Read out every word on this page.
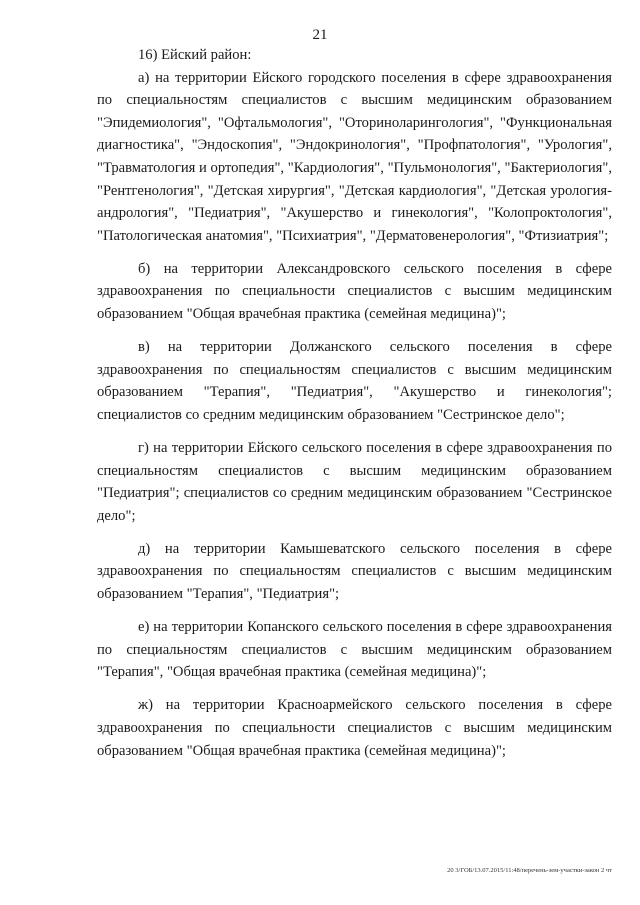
21

16) Ейский район:

а) на территории Ейского городского поселения в сфере здравоохранения по специальностям специалистов с высшим медицинским образованием "Эпидемиология", "Офтальмология", "Оториноларингология", "Функциональная диагностика", "Эндоскопия", "Эндокринология", "Профпатология", "Урология", "Травматология и ортопедия", "Кардиология", "Пульмонология", "Бактериология", "Рентгенология", "Детская хирургия", "Детская кардиология", "Детская урология-андрология", "Педиатрия", "Акушерство и гинекология", "Колопроктология", "Патологическая анатомия", "Психиатрия", "Дерматовенерология", "Фтизиатрия";

б) на территории Александровского сельского поселения в сфере здравоохранения по специальности специалистов с высшим медицинским образованием "Общая врачебная практика (семейная медицина)";

в) на территории Должанского сельского поселения в сфере здравоохранения по специальностям специалистов с высшим медицинским образованием "Терапия", "Педиатрия", "Акушерство и гинекология"; специалистов со средним медицинским образованием "Сестринское дело";

г) на территории Ейского сельского поселения в сфере здравоохранения по специальностям специалистов с высшим медицинским образованием "Педиатрия"; специалистов со средним медицинским образованием "Сестринское дело";

д) на территории Камышеватского сельского поселения в сфере здравоохранения по специальностям специалистов с высшим медицинским образованием "Терапия", "Педиатрия";

е) на территории Копанского сельского поселения в сфере здравоохранения по специальностям специалистов с высшим медицинским образованием "Терапия", "Общая врачебная практика (семейная медицина)";

ж) на территории Красноармейского сельского поселения в сфере здравоохранения по специальности специалистов с высшим медицинским образованием "Общая врачебная практика (семейная медицина)";

20 3/ГОБ/13.07.2015/11:48/перечень-зем-участки-закон 2 чт
